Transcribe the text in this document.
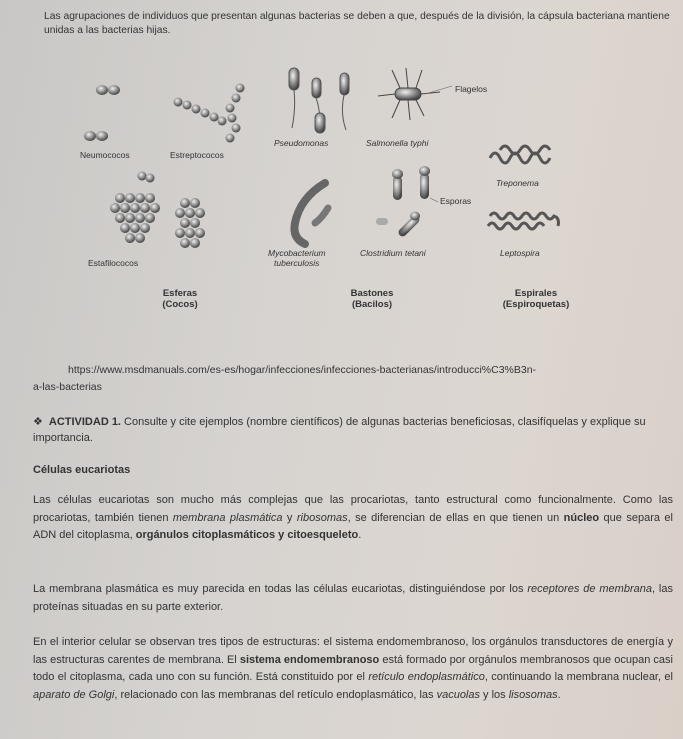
Las agrupaciones de individuos que presentan algunas bacterias se deben a que, después de la división, la cápsula bacteriana mantiene unidas a las bacterias hijas.
Neumococos	Estreptococos
Estafilococos
Pseudomonas	Salmonella typhi
Flagelos
Treponema
Esporas
Mycobacterium
tuberculosis
Clostridium tetani	Leptospira
Esferas
(Cocos)
Bastones
(Bacilos)
Espirales
(Espiroquetas)
https://www.msdmanuals.com/es-es/hogar/infecciones/infecciones-bacterianas/introducci%C3%B3n-
a-las-bacterias
❖ ACTIVIDAD 1. Consulte y cite ejemplos (nombre científicos) de algunas bacterias beneficiosas, clasifíquelas y explique su importancia.
Células eucariotas
Las células eucariotas son mucho más complejas que las procariotas, tanto estructural como funcionalmente. Como las procariotas, también tienen membrana plasmática y ribosomas, se diferencian de ellas en que tienen un núcleo que separa el ADN del citoplasma, orgánulos citoplasmáticos y citoesqueleto.
La membrana plasmática es muy parecida en todas las células eucariotas, distinguiéndose por los receptores de membrana, las proteínas situadas en su parte exterior.
En el interior celular se observan tres tipos de estructuras: el sistema endomembranoso, los orgánulos transductores de energía y las estructuras carentes de membrana. El sistema endomembranoso está formado por orgánulos membranosos que ocupan casi todo el citoplasma, cada uno con su función. Está constituido por el retículo endoplasmático, continuando la membrana nuclear, el aparato de Golgi, relacionado con las membranas del retículo endoplasmático, las vacuolas y los lisosomas.
